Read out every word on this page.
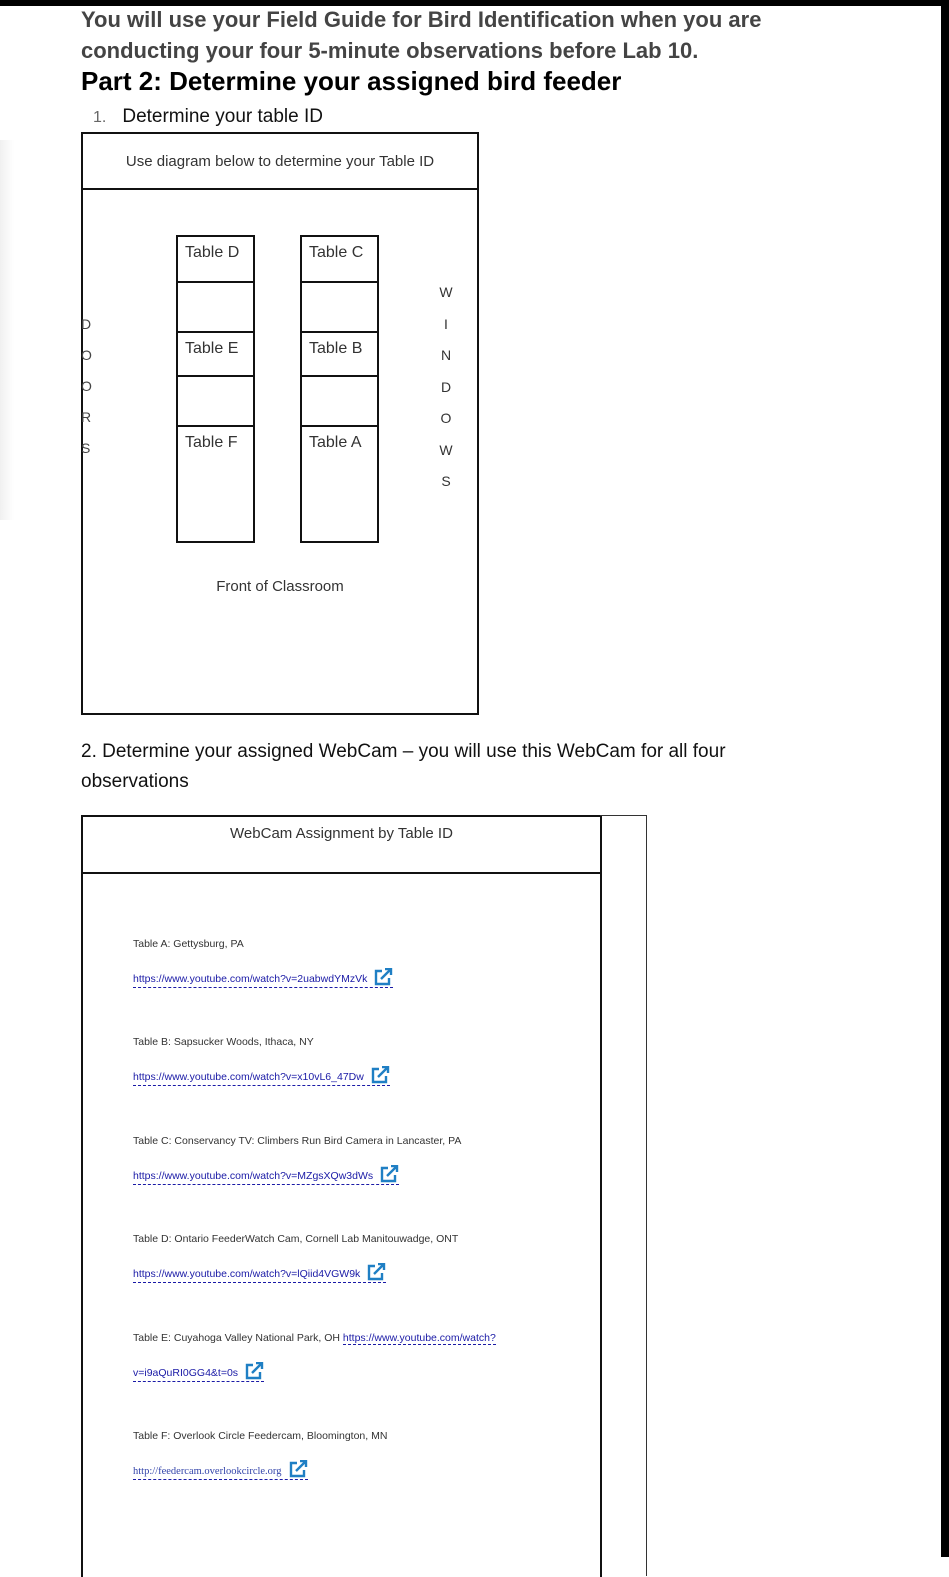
You will use your Field Guide for Bird Identification when you are conducting your four 5-minute observations before Lab 10.
Part 2: Determine your assigned bird feeder
1. Determine your table ID
Use diagram below to determine your Table ID
Table D
Table E
Table F
Table C
Table B
Table A
D
O
O
R
S
W
I
N
D
O
W
S
Front of Classroom
2. Determine your assigned WebCam – you will use this WebCam for all four observations
WebCam Assignment by Table ID
Table A: Gettysburg, PA
https://www.youtube.com/watch?v=2uabwdYMzVk
Table B: Sapsucker Woods, Ithaca, NY
https://www.youtube.com/watch?v=x10vL6_47Dw
Table C: Conservancy TV: Climbers Run Bird Camera in Lancaster, PA
https://www.youtube.com/watch?v=MZgsXQw3dWs
Table D: Ontario FeederWatch Cam, Cornell Lab Manitouwadge, ONT
https://www.youtube.com/watch?v=lQiid4VGW9k
Table E: Cuyahoga Valley National Park, OH https://www.youtube.com/watch?
v=i9aQuRI0GG4&t=0s
Table F: Overlook Circle Feedercam, Bloomington, MN
http://feedercam.overlookcircle.org
